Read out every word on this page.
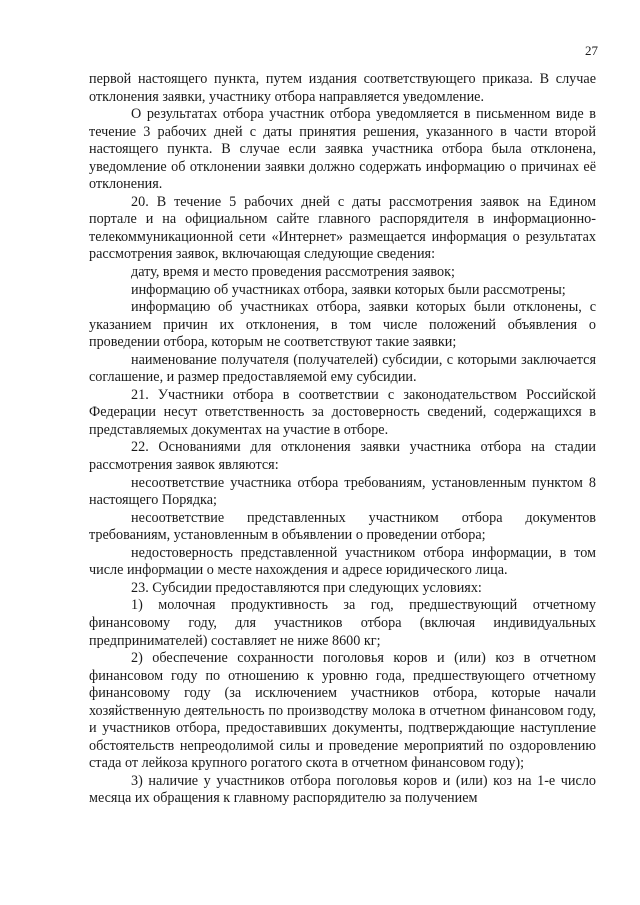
27

первой настоящего пункта, путем издания соответствующего приказа. В случае отклонения заявки, участнику отбора направляется уведомление.

О результатах отбора участник отбора уведомляется в письменном виде в течение 3 рабочих дней с даты принятия решения, указанного в части второй настоящего пункта. В случае если заявка участника отбора была отклонена, уведомление об отклонении заявки должно содержать информацию о причинах её отклонения.

20. В течение 5 рабочих дней с даты рассмотрения заявок на Едином портале и на официальном сайте главного распорядителя в информационно-телекоммуникационной сети «Интернет» размещается информация о результатах рассмотрения заявок, включающая следующие сведения:

дату, время и место проведения рассмотрения заявок;

информацию об участниках отбора, заявки которых были рассмотрены;

информацию об участниках отбора, заявки которых были отклонены, с указанием причин их отклонения, в том числе положений объявления о проведении отбора, которым не соответствуют такие заявки;

наименование получателя (получателей) субсидии, с которыми заключается соглашение, и размер предоставляемой ему субсидии.

21. Участники отбора в соответствии с законодательством Российской Федерации несут ответственность за достоверность сведений, содержащихся в представляемых документах на участие в отборе.

22. Основаниями для отклонения заявки участника отбора на стадии рассмотрения заявок являются:

несоответствие участника отбора требованиям, установленным пунктом 8 настоящего Порядка;

несоответствие представленных участником отбора документов требованиям, установленным в объявлении о проведении отбора;

недостоверность представленной участником отбора информации, в том числе информации о месте нахождения и адресе юридического лица.

23. Субсидии предоставляются при следующих условиях:

1) молочная продуктивность за год, предшествующий отчетному финансовому году, для участников отбора (включая индивидуальных предпринимателей) составляет не ниже 8600 кг;

2) обеспечение сохранности поголовья коров и (или) коз в отчетном финансовом году по отношению к уровню года, предшествующего отчетному финансовому году (за исключением участников отбора, которые начали хозяйственную деятельность по производству молока в отчетном финансовом году, и участников отбора, предоставивших документы, подтверждающие наступление обстоятельств непреодолимой силы и проведение мероприятий по оздоровлению стада от лейкоза крупного рогатого скота в отчетном финансовом году);

3) наличие у участников отбора поголовья коров и (или) коз на 1-е число месяца их обращения к главному распорядителю за получением
